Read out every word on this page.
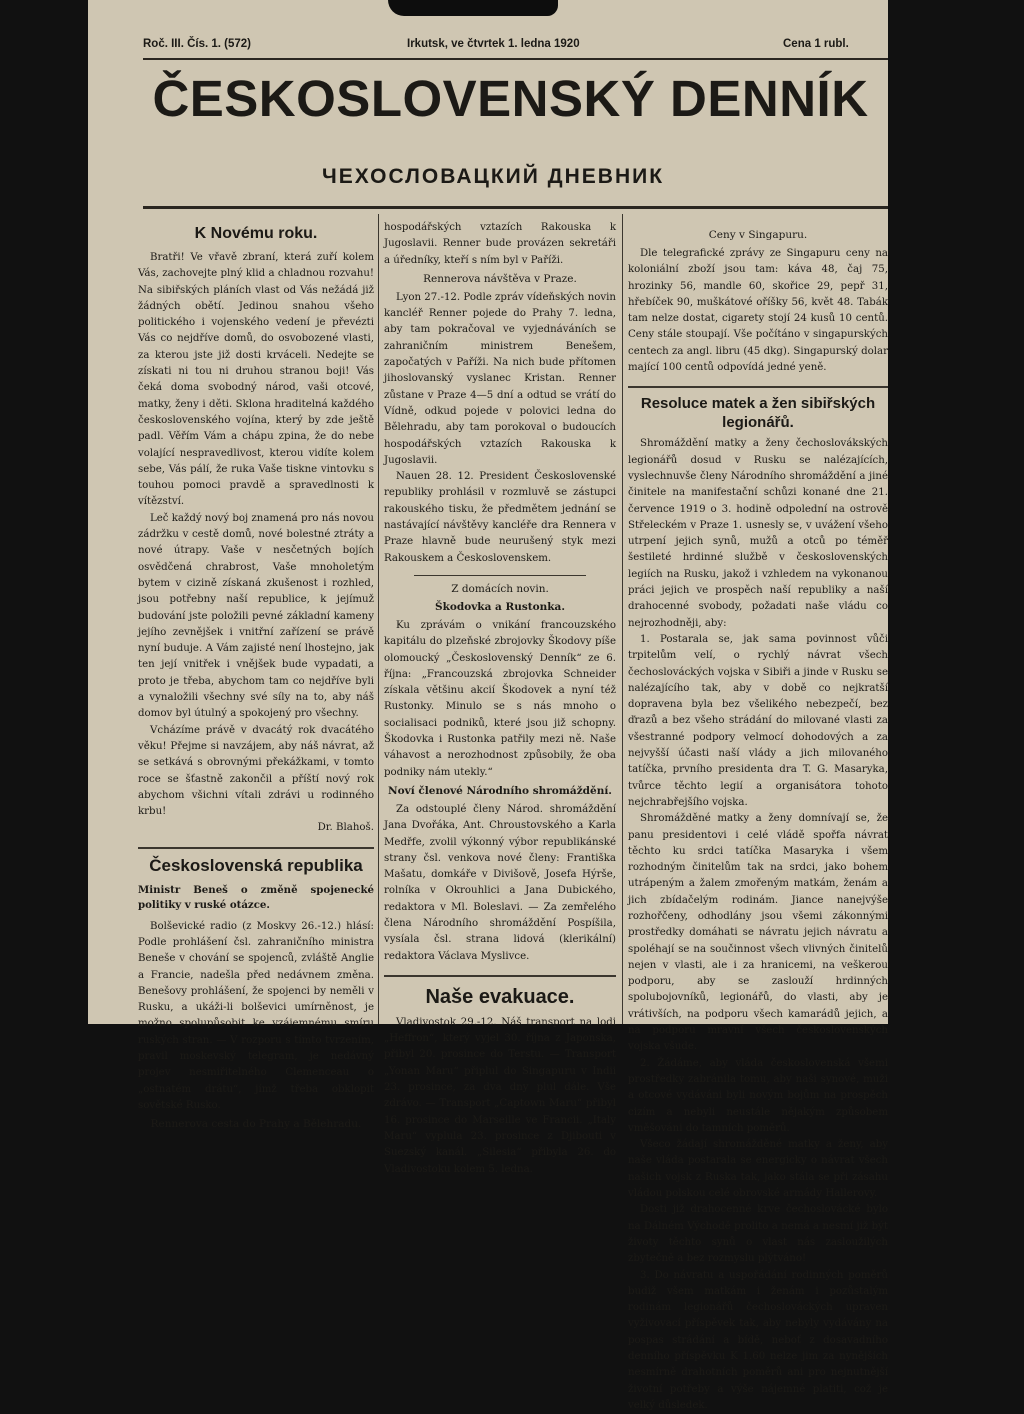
Roč. III. Čís. 1. (572)	Irkutsk, ve čtvrtek 1. ledna 1920	Cena 1 rubl.
ČESKOSLOVENSKÝ DENNÍK
ЧЕХОСЛОВАЦКИЙ ДНЕВНИК
K Novému roku.

Bratři! Ve vřavě zbraní, která zuří kolem Vás, zachovejte plný klid a chladnou rozvahu! Na sibiřských pláních vlast od Vás nežádá již žádných obětí. Jedinou snahou všeho politického i vojenského vedení je převézti Vás co nejdříve domů, do osvobozené vlasti, za kterou jste již dosti krváceli. Nedejte se získati ni tou ni druhou stranou boji! Vás čeká doma svobodný národ, vaši otcové, matky, ženy i děti. Sklona hraditelná každého československého vojína, který by zde ještě padl. Věřím Vám a chápu zpina, že do nebe volající nespravedlivost, kterou vidíte kolem sebe, Vás pálí, že ruka Vaše tiskne vintovku s touhou pomoci pravdě a spravedlnosti k vítězství.

Leč každý nový boj znamená pro nás novou zádržku v cestě domů, nové bolestné ztráty a nové útrapy. Vaše v nesčetných bojích osvědčená chrabrost, Vaše mnoholetým bytem v cizině získaná zkušenost i rozhled, jsou potřebny naší republice, k jejímuž budování jste položili pevné základní kameny jejího zevnějšek i vnitřní zařízení se právě nyní buduje. A Vám zajisté není lhostejno, jak ten její vnitřek i vnějšek bude vypadati, a proto je třeba, abychom tam co nejdříve byli a vynaložili všechny své síly na to, aby náš domov byl útulný a spokojený pro všechny.

Vcházíme právě v dvacátý rok dvacátého věku! Přejme si navzájem, aby náš návrat, až se setkává s obrovnými překážkami, v tomto roce se šťastně zakončil a příští nový rok abychom všichni vítali zdrávi u rodinného krbu!

Dr. Blahoš.
Československá republika
Ministr Beneš o změně spojenecké politiky v ruské otázce.

Bolševické radio (z Moskvy 26.-12.) hlásí: Podle prohlášení čsl. zahraničního ministra Beneše v chování se spojenců, zvláště Anglie a Francie, nadešla před nedávnem změna. Benešovy prohlášení, že spojenci by neměli v Rusku, a ukáži-li bolševici umírněnost, je možno spolupůsobit ke vzájemnému smíru ruských stran. — V rozporu s tímto tvrzením, pravil moskevský telegram, je nedávný projev nesmiřitelného Clemenceau o „ostnatém drátu“, jímž třeba obklopit sovětské Rusko.

Rennerova cesta do Prahy a Bělehradu.

hospodářských vztazích Rakouska k Jugoslavii. Renner bude provázen sekretáři a úředníky, kteří s ním byl v Paříži.

Rennerova návštěva v Praze.

Lyon 27.-12. Podle zpráv vídeňských novin kancléř Renner pojede do Prahy 7. ledna, aby tam pokračoval ve vyjednáváních se zahraničním ministrem Benešem, započatých v Paříži. Na nich bude přítomen jihoslovanský vyslanec Kristan. Renner zůstane v Praze 4—5 dní a odtud se vrátí do Vídně, odkud pojede v polovici ledna do Bělehradu, aby tam porokoval o budoucích hospodářských vztazích Rakouska k Jugoslavii.

Nauen 28. 12. President Československé republiky prohlásil v rozmluvě se zástupci rakouského tisku, že předmětem jednání se nastávající návštěvy kancléře dra Rennera v Praze hlavně bude neurušený styk mezi Rakouskem a Československem.

Z domácích novin.
Škodovka a Rustonka.

Ku zprávám o vnikání francouzského kapitálu do plzeňské zbrojovky Škodovy píše olomoucký „Československý Denník“ ze 6. října: „Francouzská zbrojovka Schneider získala většinu akcií Škodovek a nyní též Rustonky. Minulo se s nás mnoho o socialisaci podniků, které jsou již schopny. Škodovka i Rustonka patřily mezi ně. Naše váhavost a nerozhodnost způsobily, že oba podniky nám utekly.“

Noví členové Národního shromáždění.

Za odstouplé členy Národ. shromáždění Jana Dvořáka, Ant. Chroustovského a Karla Medřfe, zvolil výkonný výbor republikánské strany čsl. venkova nové členy: Františka Mašatu, domkáře v Divišově, Josefa Hýrše, rolníka v Okrouhlici a Jana Dubického, redaktora v Ml. Boleslavi. — Za zemřelého člena Národního shromáždění Pospíšila, vysíala čsl. strana lidová (klerikální) redaktora Václava Myslivce.

Naše evakuace.

Vladivostok 29.-12. Náš transport na lodi „Heffron“, který vyjel 30. října z Japonska, přibyl 20. prosince do Terstu. — Transport „Yonan Maru“ připlul do Singapuru v Indii 23. prosince, za dva dny plul dále. Vše zdrávo. — Transport „Captown Maru“ přibyl 16. prosince do Marseille ve Francii. „Italy Maru“ vyplula 23. prosince z Djibouti v Suezský kanál. „Silesia“ přibyla 26. do Vladivostoku kolem 5. ledna.

Ceny v Singapuru.

Dle telegrafické zprávy ze Singapuru ceny na koloniální zboží jsou tam: káva 48, čaj 75, hrozinky 56, mandle 60, skořice 29, pepř 31, hřebíček 90, muškátové oříšky 56, květ 48. Tabák tam nelze dostat, cigarety stojí 24 kusů 10 centů. Ceny stále stoupají. Vše počítáno v singapurských centech za angl. libru (45 dkg). Singapurský dolar mající 100 centů odpovídá jedné yeně.

Resoluce matek a žen sibiřských legionářů.

Shromáždění matky a ženy čechoslovákských legionářů dosud v Rusku se nalézajících, vyslechnuvše členy Národního shromáždění a jiné činitele na manifestační schůzi konané dne 21. července 1919 o 3. hodině odpolední na ostrově Střeleckém v Praze 1. usnesly se, v uvážení všeho utrpení jejich synů, mužů a otců po téměř šestileté hrdinné službě v československých legiích na Rusku, jakož i vzhledem na vykonanou práci jejich ve prospěch naší republiky a naší drahocenné svobody, požadati naše vládu co nejrozhodněji, aby:

1. Postarala se, jak sama povinnost vůči trpitelům velí, o rychlý návrat všech čechoslováckých vojska v Sibiři a jinde v Rusku se nalézajícího tak, aby v době co nejkratší dopravena byla bez všelikého nebezpečí, bez ďrazů a bez všeho strádání do milované vlasti za všestranné podpory velmocí dohodových a za nejvyšší účasti naší vlády a jich milovaného tatíčka, prvního presidenta dra T. G. Masaryka, tvůrce těchto legií a organisátora tohoto nejchrabřejšího vojska.

Shromážděné matky a ženy domnívají se, že panu presidentovi i celé vládě spořfa návrat těchto ku srdci tatíčka Masaryka i všem rozhodným činitelům tak na srdci, jako bohem utrápeným a žalem zmořeným matkám, ženám a jich zbídačelým rodinám. Jiance nanejvýše rozhořčeny, odhodlány jsou všemi zákonnými prostředky domáhati se návratu jejich návratu a spoléhají se na součinnost všech vlivných činitelů nejen v vlasti, ale i za hranicemi, na veškerou podporu, aby se zaslouží hrdinných spolubojovníků, legionářů, do vlasti, aby je vrátivších, na podporu všech kamarádů jejich, a na podporu mravní všech československých vojska všude.

2. Žádáme, aby vláda československá všemi prostředky zabránila tomu, aby naši synové, muži a otcové vydáváni byli novým bojům na prospěch cizím a nebyli neustále nějakým způsobem vměšováni do tamních poměrů.

Všeco žádají shromážděné matky a ženy, aby naše vláda postarala se energicky o návrat všech našich vojsk z Ruska tak, jako stála se při zásahu vládou polskou celé obrovské armády Hallerovy.

Dosti již drahocenné krve čechoslovácké bylo na Dálném Východě prolito a nemá a nesmí již být životy těchto synů o vlast nás zasloužilých zbytečně a bez rozmyslu plýtváno!

3. Do návratu a uspořádání rodinných poměrů budiž všem matkám i ženám i pozůstalým rodinám legionářů čechoslováckých upraven vyživovací příspěvek tak, aby nebyly vydávány na pospas strádání a bídě, neboť z dosavadního denního příspěvku K 1.60 nelze jim za nynějších nesmírně drahotních poměrů ani pro nejnutnější životní potřeby a výše nájemné platiti, což je velký důsledek.
